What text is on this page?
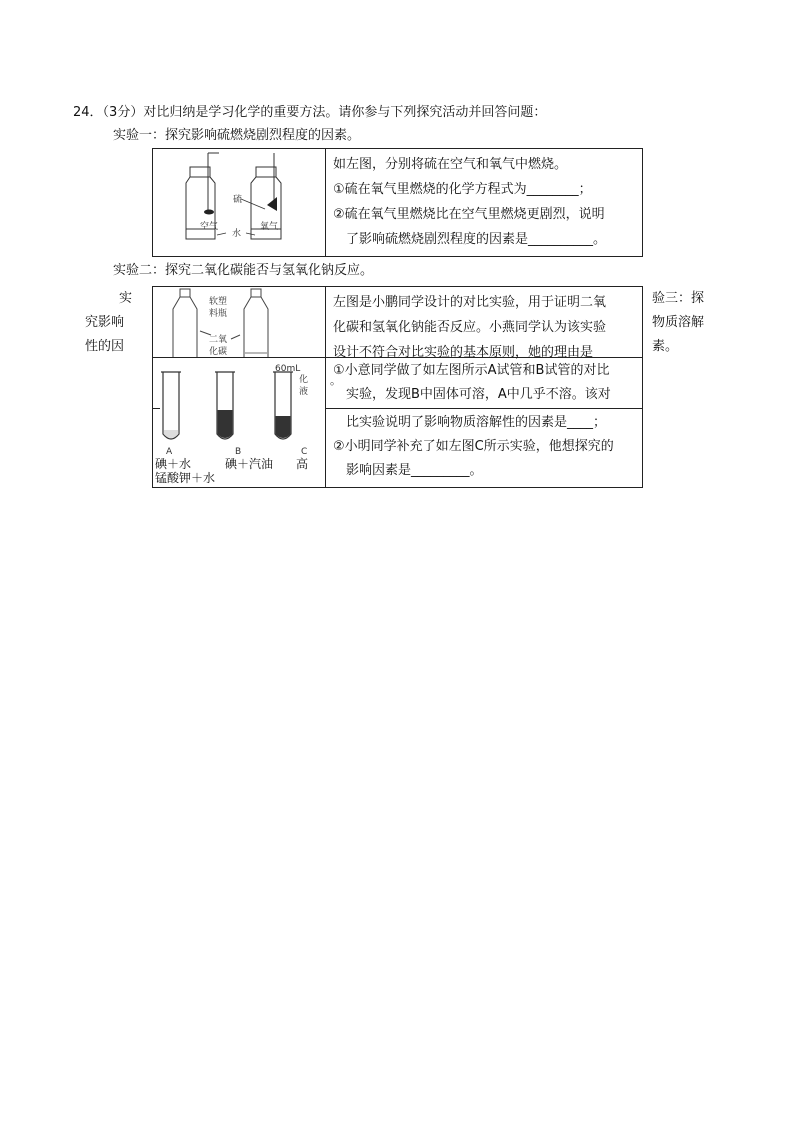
24．（3分）对比归纳是学习化学的重要方法。请你参与下列探究活动并回答问题：
实验一：探究影响硫燃烧剧烈程度的因素。
硫
空气
水
氧气
如左图，分别将硫在空气和氧气中燃烧。
①硫在氧气里燃烧的化学方程式为________；
②硫在氧气里燃烧比在空气里燃烧更剧烈，说明
了影响硫燃烧剧烈程度的因素是__________。
实验二：探究二氧化碳能否与氢氧化钠反应。
实
究影响
性的因
验三：探
物质溶解
素。
软塑
料瓶
二氧
化碳
60mL
化
液
A	B	C
碘＋水	碘＋汽油 高
锰酸钾＋水
左图是小鹏同学设计的对比实验，用于证明二氧
化碳和氢氧化钠能否反应。小燕同学认为该实验
设计不符合对比实验的基本原则，她的理由是
①小意同学做了如左图所示A试管和B试管的对比
实验，发现B中固体可溶，A中几乎不溶。该对
比实验说明了影响物质溶解性的因素是____；
②小明同学补充了如左图C所示实验，他想探究的
影响因素是_________。
。
